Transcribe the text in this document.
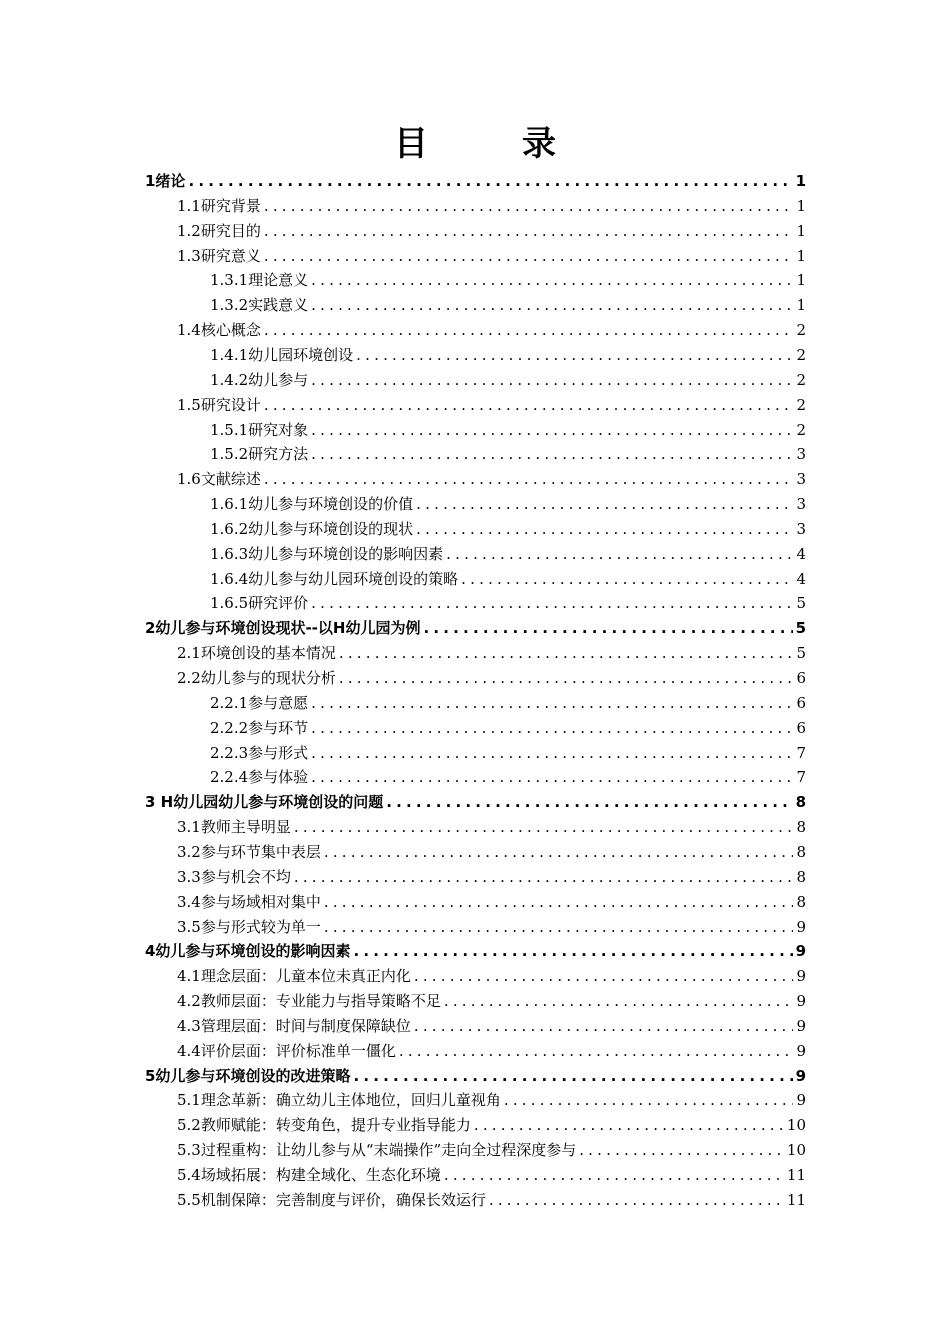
目　录
1绪论 .....	1
1.1研究背景 .....	1
1.2研究目的 .....	1
1.3研究意义 .....	1
1.3.1理论意义 .....	1
1.3.2实践意义 .....	1
1.4核心概念 .....	2
1.4.1幼儿园环境创设 .....	2
1.4.2幼儿参与 .....	2
1.5研究设计 .....	2
1.5.1研究对象 .....	2
1.5.2研究方法 .....	3
1.6文献综述 .....	3
1.6.1幼儿参与环境创设的价值 .....	3
1.6.2幼儿参与环境创设的现状 .....	3
1.6.3幼儿参与环境创设的影响因素 .....	4
1.6.4幼儿参与幼儿园环境创设的策略 .....	4
1.6.5研究评价 .....	5
2幼儿参与环境创设现状--以H幼儿园为例 .....	5
2.1环境创设的基本情况 .....	5
2.2幼儿参与的现状分析 .....	6
2.2.1参与意愿 .....	6
2.2.2参与环节 .....	6
2.2.3参与形式 .....	7
2.2.4参与体验 .....	7
3 H幼儿园幼儿参与环境创设的问题 .....	8
3.1教师主导明显 .....	8
3.2参与环节集中表层 .....	8
3.3参与机会不均 .....	8
3.4参与场域相对集中 .....	8
3.5参与形式较为单一 .....	9
4幼儿参与环境创设的影响因素 .....	9
4.1理念层面：儿童本位未真正内化 .....	9
4.2教师层面：专业能力与指导策略不足 .....	9
4.3管理层面：时间与制度保障缺位 .....	9
4.4评价层面：评价标准单一僵化 .....	9
5幼儿参与环境创设的改进策略 .....	9
5.1理念革新：确立幼儿主体地位，回归儿童视角 .....	9
5.2教师赋能：转变角色，提升专业指导能力 .....	10
5.3过程重构：让幼儿参与从“末端操作”走向全过程深度参与 .....	10
5.4场域拓展：构建全域化、生态化环境 .....	11
5.5机制保障：完善制度与评价，确保长效运行 .....	11
